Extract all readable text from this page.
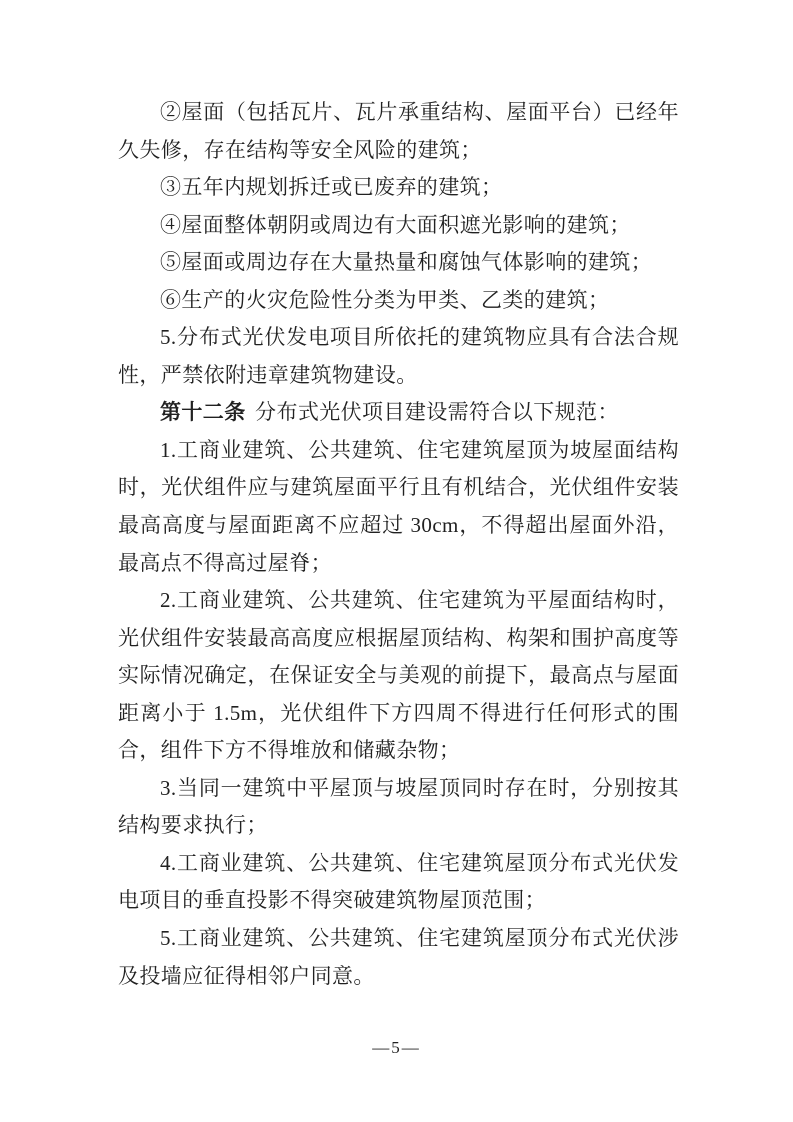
②屋面（包括瓦片、瓦片承重结构、屋面平台）已经年久失修，存在结构等安全风险的建筑；

③五年内规划拆迁或已废弃的建筑；

④屋面整体朝阴或周边有大面积遮光影响的建筑；

⑤屋面或周边存在大量热量和腐蚀气体影响的建筑；

⑥生产的火灾危险性分类为甲类、乙类的建筑；

5.分布式光伏发电项目所依托的建筑物应具有合法合规性，严禁依附违章建筑物建设。

第十二条 分布式光伏项目建设需符合以下规范：

1.工商业建筑、公共建筑、住宅建筑屋顶为坡屋面结构时，光伏组件应与建筑屋面平行且有机结合，光伏组件安装最高高度与屋面距离不应超过 30cm，不得超出屋面外沿，最高点不得高过屋脊；

2.工商业建筑、公共建筑、住宅建筑为平屋面结构时，光伏组件安装最高高度应根据屋顶结构、构架和围护高度等实际情况确定，在保证安全与美观的前提下，最高点与屋面距离小于 1.5m，光伏组件下方四周不得进行任何形式的围合，组件下方不得堆放和储藏杂物；

3.当同一建筑中平屋顶与坡屋顶同时存在时，分别按其结构要求执行；

4.工商业建筑、公共建筑、住宅建筑屋顶分布式光伏发电项目的垂直投影不得突破建筑物屋顶范围；

5.工商业建筑、公共建筑、住宅建筑屋顶分布式光伏涉及投墙应征得相邻户同意。

—5—
